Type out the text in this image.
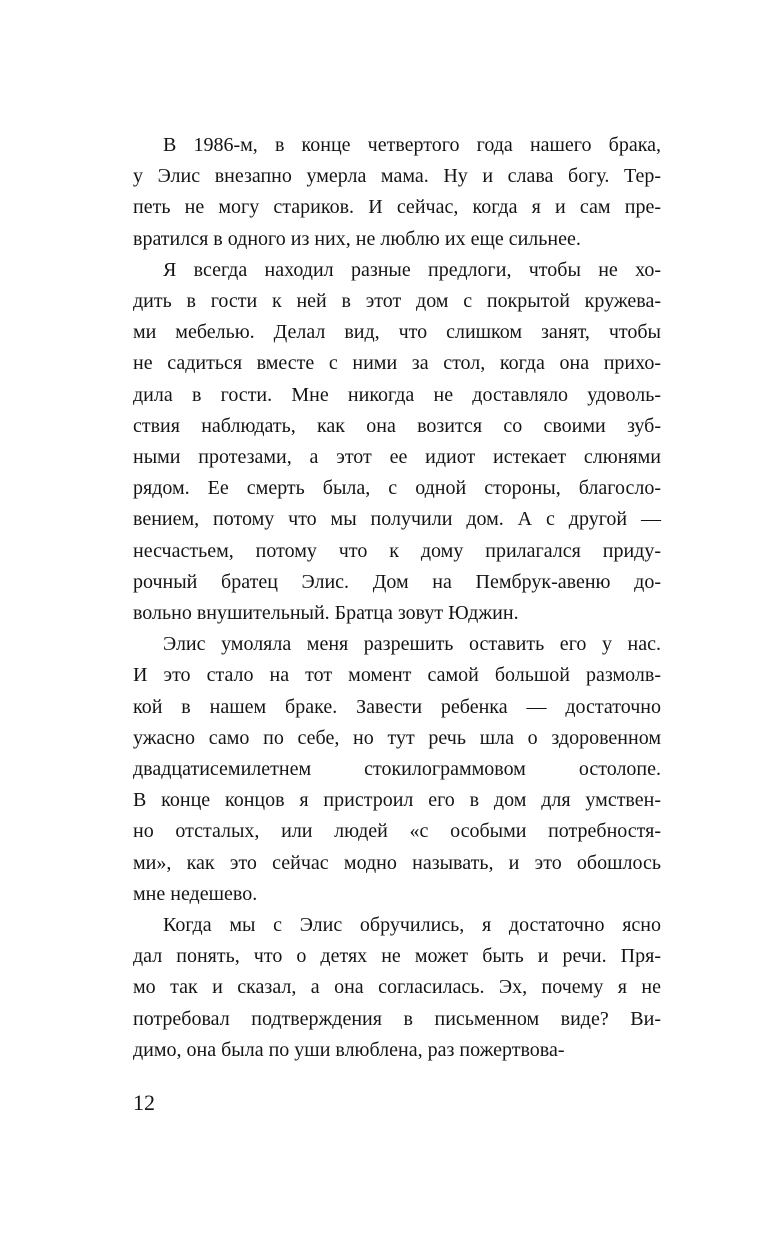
В 1986-м, в конце четвертого года нашего брака,
у Элис внезапно умерла мама. Ну и слава богу. Тер-
петь не могу стариков. И сейчас, когда я и сам пре-
вратился в одного из них, не люблю их еще сильнее.
Я всегда находил разные предлоги, чтобы не хо-
дить в гости к ней в этот дом с покрытой кружева-
ми мебелью. Делал вид, что слишком занят, чтобы
не садиться вместе с ними за стол, когда она прихо-
дила в гости. Мне никогда не доставляло удоволь-
ствия наблюдать, как она возится со своими зуб-
ными протезами, а этот ее идиот истекает слюнями
рядом. Ее смерть была, с одной стороны, благосло-
вением, потому что мы получили дом. А с другой —
несчастьем, потому что к дому прилагался приду-
рочный братец Элис. Дом на Пембрук-авеню до-
вольно внушительный. Братца зовут Юджин.
Элис умоляла меня разрешить оставить его у нас.
И это стало на тот момент самой большой размолв-
кой в нашем браке. Завести ребенка — достаточно
ужасно само по себе, но тут речь шла о здоровенном
двадцатисемилетнем стокилограммовом остолопе.
В конце концов я пристроил его в дом для умствен-
но отсталых, или людей «с особыми потребностя-
ми», как это сейчас модно называть, и это обошлось
мне недешево.
Когда мы с Элис обручились, я достаточно ясно
дал понять, что о детях не может быть и речи. Пря-
мо так и сказал, а она согласилась. Эх, почему я не
потребовал подтверждения в письменном виде? Ви-
димо, она была по уши влюблена, раз пожертвова-
12
